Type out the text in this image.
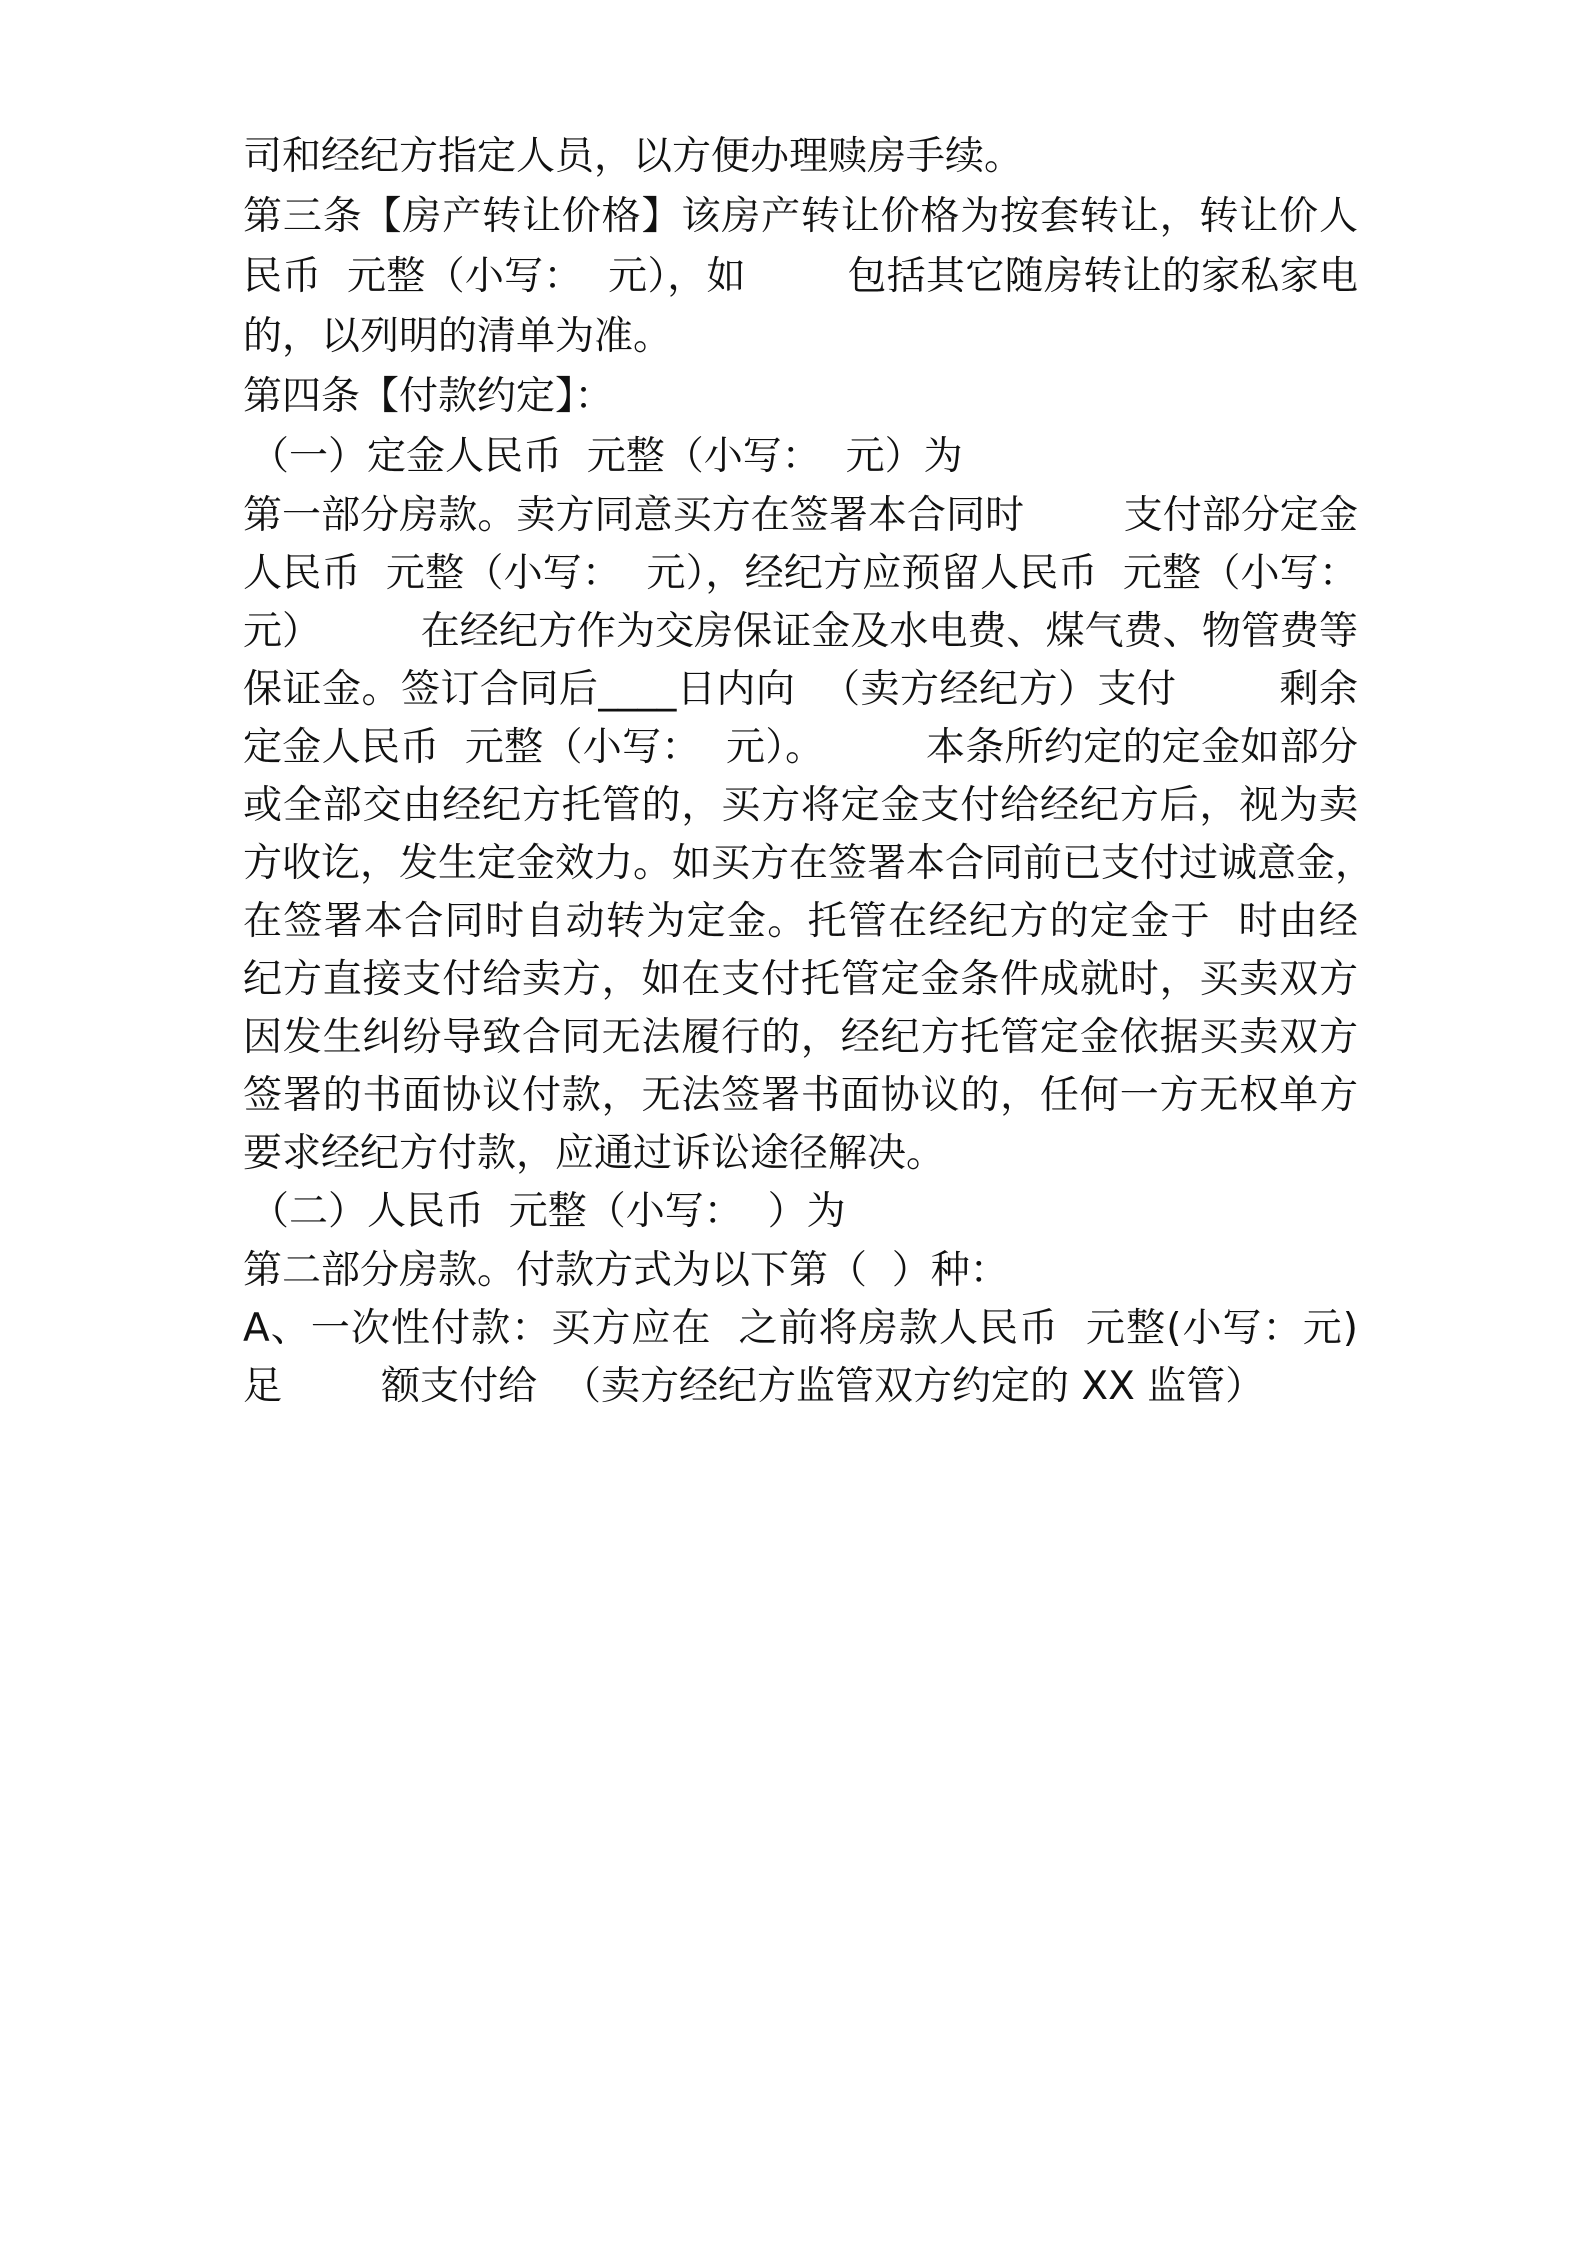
司和经纪方指定人员，以方便办理赎房手续。
第三条【房产转让价格】该房产转让价格为按套转让，转让价人
民币  元整（小写：  元），如        包括其它随房转让的家私家电
的，以列明的清单为准。
第四条【付款约定】：
（一）定金人民币  元整（小写：  元）为
第一部分房款。卖方同意买方在签署本合同时        支付部分定金
人民币  元整（小写：  元），经纪方应预留人民币  元整（小写：
元）        在经纪方作为交房保证金及水电费、煤气费、物管费等
保证金。签订合同后____日内向  （卖方经纪方）支付        剩余
定金人民币  元整（小写：  元）。        本条所约定的定金如部分
或全部交由经纪方托管的，买方将定金支付给经纪方后，视为卖
方收讫，发生定金效力。如买方在签署本合同前已支付过诚意金，
在签署本合同时自动转为定金。托管在经纪方的定金于  时由经
纪方直接支付给卖方，如在支付托管定金条件成就时，买卖双方
因发生纠纷导致合同无法履行的，经纪方托管定金依据买卖双方
签署的书面协议付款，无法签署书面协议的，任何一方无权单方
要求经纪方付款，应通过诉讼途径解决。
（二）人民币  元整（小写：  ）为
第二部分房款。付款方式为以下第（  ）种：
A、一次性付款：买方应在  之前将房款人民币  元整(小写：元)
足        额支付给  （卖方经纪方监管双方约定的 XX 监管）
